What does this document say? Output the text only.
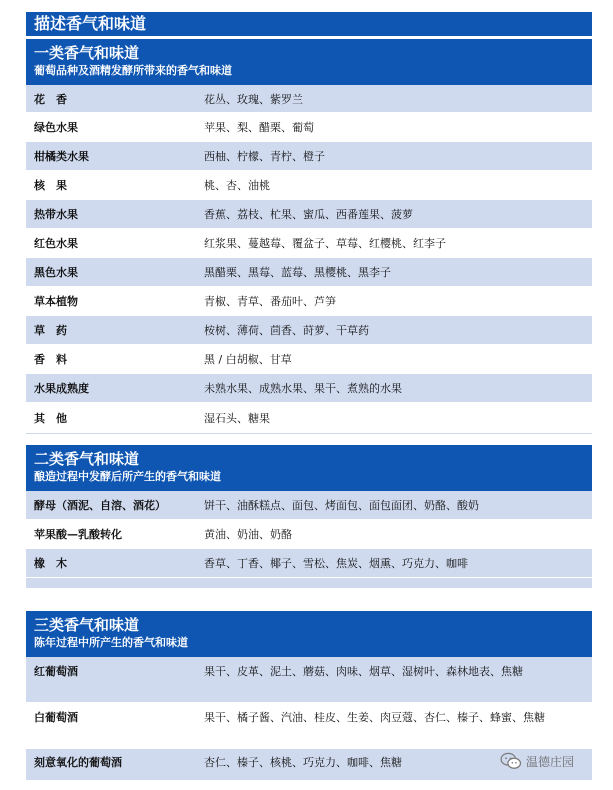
描述香气和味道
一类香气和味道
葡萄品种及酒精发酵所带来的香气和味道
花　香	花丛、玫瑰、紫罗兰
绿色水果	苹果、梨、醋栗、葡萄
柑橘类水果	西柚、柠檬、青柠、橙子
核　果	桃、杏、油桃
热带水果	香蕉、荔枝、杧果、蜜瓜、西番莲果、菠萝
红色水果	红浆果、蔓越莓、覆盆子、草莓、红樱桃、红李子
黑色水果	黑醋栗、黑莓、蓝莓、黑樱桃、黑李子
草本植物	青椒、青草、番茄叶、芦笋
草　药	桉树、薄荷、茴香、莳萝、干草药
香　料	黑 / 白胡椒、甘草
水果成熟度	未熟水果、成熟水果、果干、煮熟的水果
其　他	湿石头、糖果
二类香气和味道
酿造过程中发酵后所产生的香气和味道
酵母（酒泥、自溶、酒花）	饼干、油酥糕点、面包、烤面包、面包面团、奶酪、酸奶
苹果酸—乳酸转化	黄油、奶油、奶酪
橡　木	香草、丁香、椰子、雪松、焦炭、烟熏、巧克力、咖啡
三类香气和味道
陈年过程中所产生的香气和味道
红葡萄酒	果干、皮革、泥土、蘑菇、肉味、烟草、湿树叶、森林地表、焦糖
白葡萄酒	果干、橘子酱、汽油、桂皮、生姜、肉豆蔻、杏仁、榛子、蜂蜜、焦糖
刻意氧化的葡萄酒	杏仁、榛子、核桃、巧克力、咖啡、焦糖	温德庄园
